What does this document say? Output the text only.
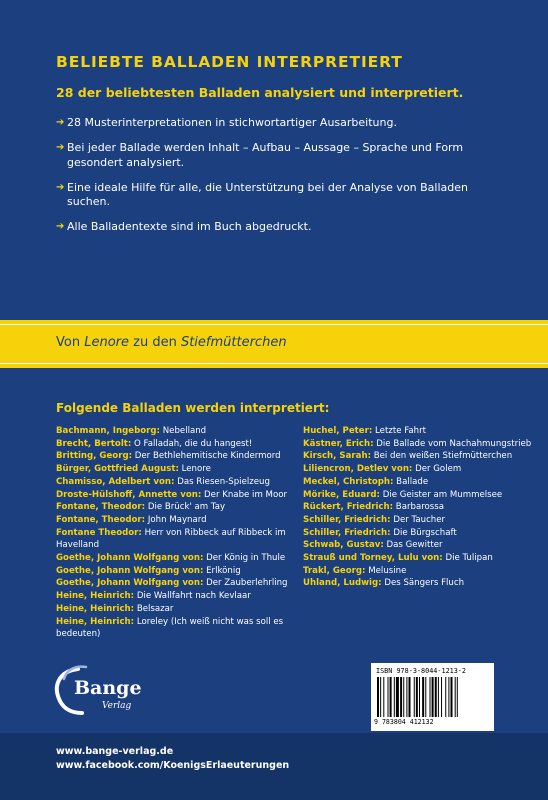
BELIEBTE BALLADEN INTERPRETIERT
28 der beliebtesten Balladen analysiert und interpretiert.
➔ 28 Musterinterpretationen in stichwortartiger Ausarbeitung.
➔ Bei jeder Ballade werden Inhalt – Aufbau – Aussage – Sprache und Form gesondert analysiert.
➔ Eine ideale Hilfe für alle, die Unterstützung bei der Analyse von Balladen suchen.
➔ Alle Balladentexte sind im Buch abgedruckt.
Von Lenore zu den Stiefmütterchen
Folgende Balladen werden interpretiert:
Bachmann, Ingeborg: Nebelland
Brecht, Bertolt: O Falladah, die du hangest!
Britting, Georg: Der Bethlehemitische Kindermord
Bürger, Gottfried August: Lenore
Chamisso, Adelbert von: Das Riesen-Spielzeug
Droste-Hülshoff, Annette von: Der Knabe im Moor
Fontane, Theodor: Die Brück' am Tay
Fontane, Theodor: John Maynard
Fontane Theodor: Herr von Ribbeck auf Ribbeck im Havelland
Goethe, Johann Wolfgang von: Der König in Thule
Goethe, Johann Wolfgang von: Erlkönig
Goethe, Johann Wolfgang von: Der Zauberlehrling
Heine, Heinrich: Die Wallfahrt nach Kevlaar
Heine, Heinrich: Belsazar
Heine, Heinrich: Loreley (Ich weiß nicht was soll es bedeuten)
Huchel, Peter: Letzte Fahrt
Kästner, Erich: Die Ballade vom Nachahmungstrieb
Kirsch, Sarah: Bei den weißen Stiefmütterchen
Liliencron, Detlev von: Der Golem
Meckel, Christoph: Ballade
Mörike, Eduard: Die Geister am Mummelsee
Rückert, Friedrich: Barbarossa
Schiller, Friedrich: Der Taucher
Schiller, Friedrich: Die Bürgschaft
Schwab, Gustav: Das Gewitter
Strauß und Torney, Lulu von: Die Tulipan
Trakl, Georg: Melusine
Uhland, Ludwig: Des Sängers Fluch
Bange
Verlag
ISBN 978-3-8044-1213-2
9 783804 412132
www.bange-verlag.de
www.facebook.com/KoenigsErlaeuterungen
